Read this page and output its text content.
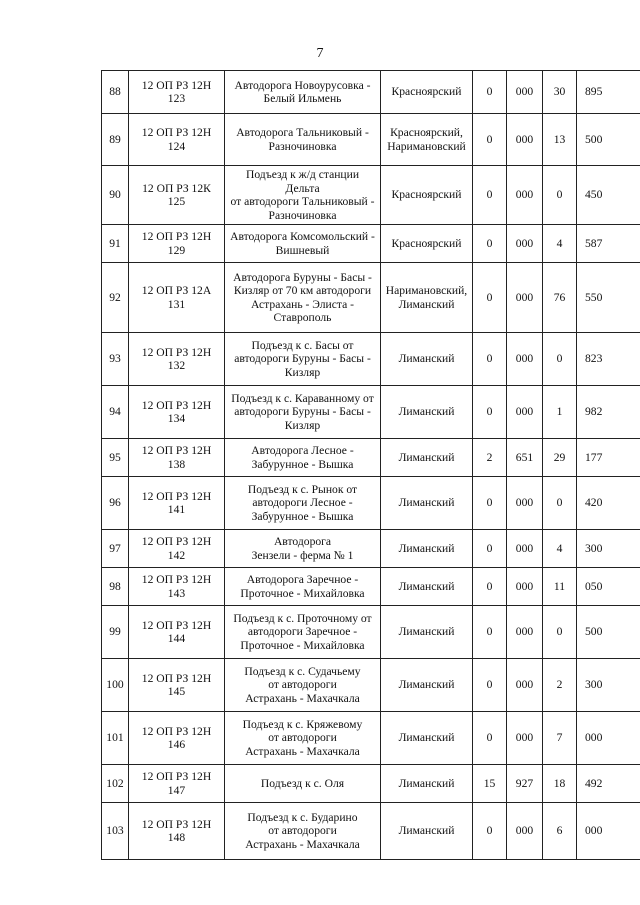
7
88	12 ОП РЗ 12Н 123	Автодорога Новоурусовка -
Белый Ильмень	Красноярский	0	000	30	895
89	12 ОП РЗ 12Н 124	Автодорога Тальниковый -
Разночиновка	Красноярский,
Наримановский	0	000	13	500
90	12 ОП РЗ 12К 125	Подъезд к ж/д станции Дельта
от автодороги Тальниковый -
Разночиновка	Красноярский	0	000	0	450
91	12 ОП РЗ 12Н 129	Автодорога Комсомольский -
Вишневый	Красноярский	0	000	4	587
92	12 ОП РЗ 12А 131	Автодорога Буруны - Басы -
Кизляр от 70 км автодороги
Астрахань - Элиста -
Ставрополь	Наримановский,
Лиманский	0	000	76	550
93	12 ОП РЗ 12Н 132	Подъезд к с. Басы от
автодороги Буруны - Басы -
Кизляр	Лиманский	0	000	0	823
94	12 ОП РЗ 12Н 134	Подъезд к с. Караванному от
автодороги Буруны - Басы -
Кизляр	Лиманский	0	000	1	982
95	12 ОП РЗ 12Н 138	Автодорога Лесное -
Забурунное - Вышка	Лиманский	2	651	29	177
96	12 ОП РЗ 12Н 141	Подъезд к с. Рынок от
автодороги Лесное -
Забурунное - Вышка	Лиманский	0	000	0	420
97	12 ОП РЗ 12Н 142	Автодорога
Зензели - ферма № 1	Лиманский	0	000	4	300
98	12 ОП РЗ 12Н 143	Автодорога Заречное -
Проточное - Михайловка	Лиманский	0	000	11	050
99	12 ОП РЗ 12Н 144	Подъезд к с. Проточному от
автодороги Заречное -
Проточное - Михайловка	Лиманский	0	000	0	500
100	12 ОП РЗ 12Н 145	Подъезд к с. Судачьему
от автодороги
Астрахань - Махачкала	Лиманский	0	000	2	300
101	12 ОП РЗ 12Н 146	Подъезд к с. Кряжевому
от автодороги
Астрахань - Махачкала	Лиманский	0	000	7	000
102	12 ОП РЗ 12Н 147	Подъезд к с. Оля	Лиманский	15	927	18	492
103	12 ОП РЗ 12Н 148	Подъезд к с. Бударино
от автодороги
Астрахань - Махачкала	Лиманский	0	000	6	000
